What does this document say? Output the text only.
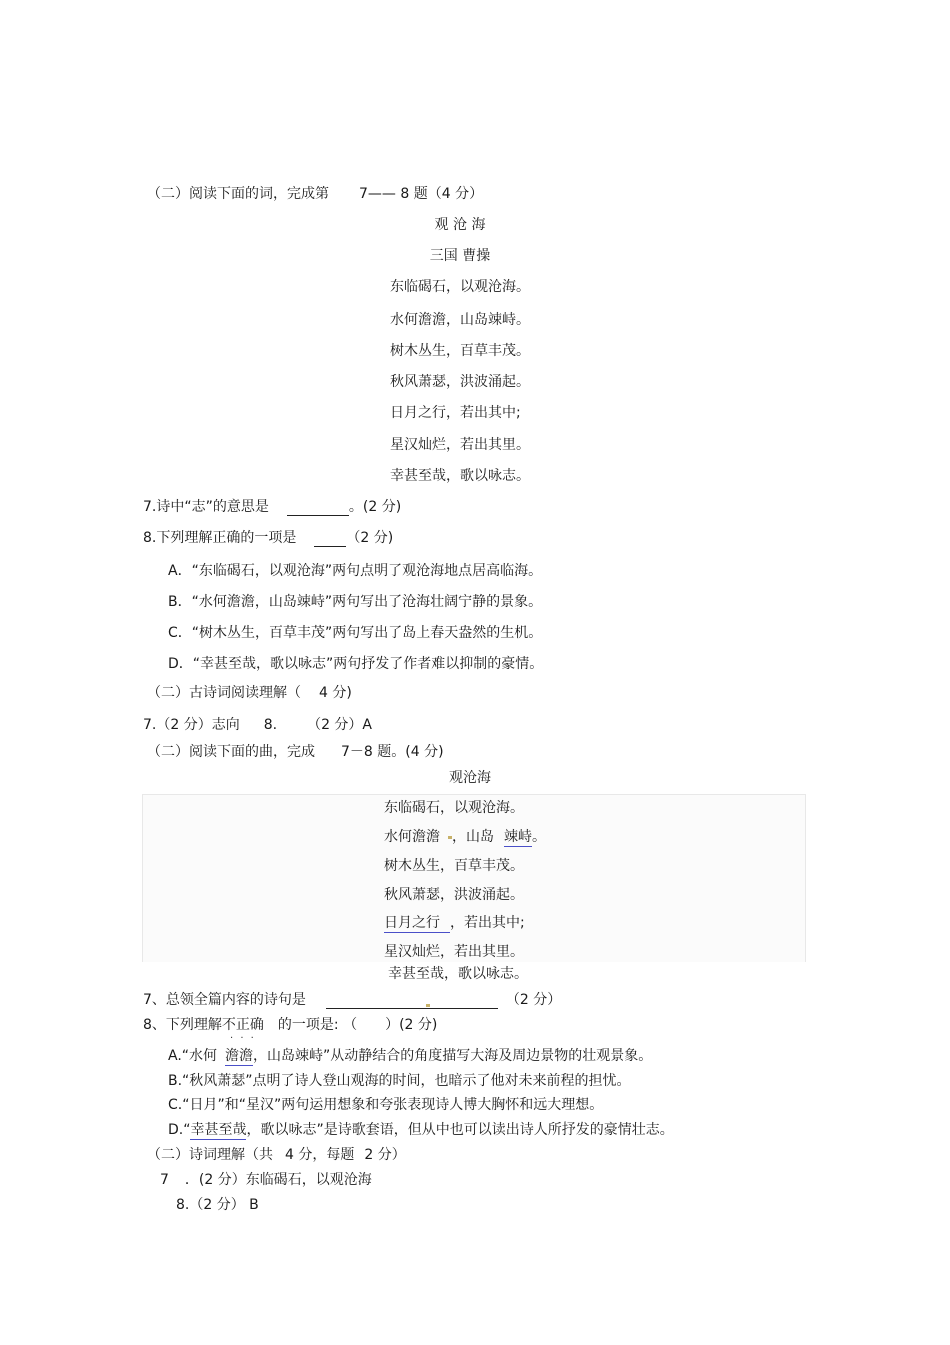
（二）阅读下面的词，完成第 7—— 8 题（4 分）
观 沧 海
三国 曹操
东临碣石，以观沧海。
水何澹澹，山岛竦峙。
树木丛生，百草丰茂。
秋风萧瑟，洪波涌起。
日月之行，若出其中;
星汉灿烂，若出其里。
幸甚至哉，歌以咏志。
7.诗中“志”的意思是	。(2 分)
8.下列理解正确的一项是	（2 分)
A．“东临碣石，以观沧海”两句点明了观沧海地点居高临海。
B．“水何澹澹，山岛竦峙”两句写出了沧海壮阔宁静的景象。
C．“树木丛生，百草丰茂”两句写出了岛上春天盎然的生机。
D．“幸甚至哉，歌以咏志”两句抒发了作者难以抑制的豪情。
（二）古诗词阅读理解（ 4 分)
7.（2 分）志向 8. （2 分）A
（二）阅读下面的曲，完成 7－8 题。(4 分)
观沧海
东临碣石，以观沧海。
水何澹澹 ，山岛 竦峙。
树木丛生，百草丰茂。
秋风萧瑟，洪波涌起。
日月之行 ，若出其中;
星汉灿烂，若出其里。
幸甚至哉，歌以咏志。
7、总领全篇内容的诗句是	（2 分）
8、下列理解不正确 · · · 的一项是: （ ）(2 分)
A.“水何 澹澹，山岛竦峙”从动静结合的角度描写大海及周边景物的壮观景象。
B.“秋风萧瑟”点明了诗人登山观海的时间，也暗示了他对未来前程的担忧。
C.“日月”和“星汉”两句运用想象和夸张表现诗人博大胸怀和远大理想。
D.“幸甚至哉，歌以咏志”是诗歌套语，但从中也可以读出诗人所抒发的豪情壮志。
（二）诗词理解（共 4 分，每题 2 分）
7 ．(2 分）东临碣石，以观沧海
8.（2 分） B
